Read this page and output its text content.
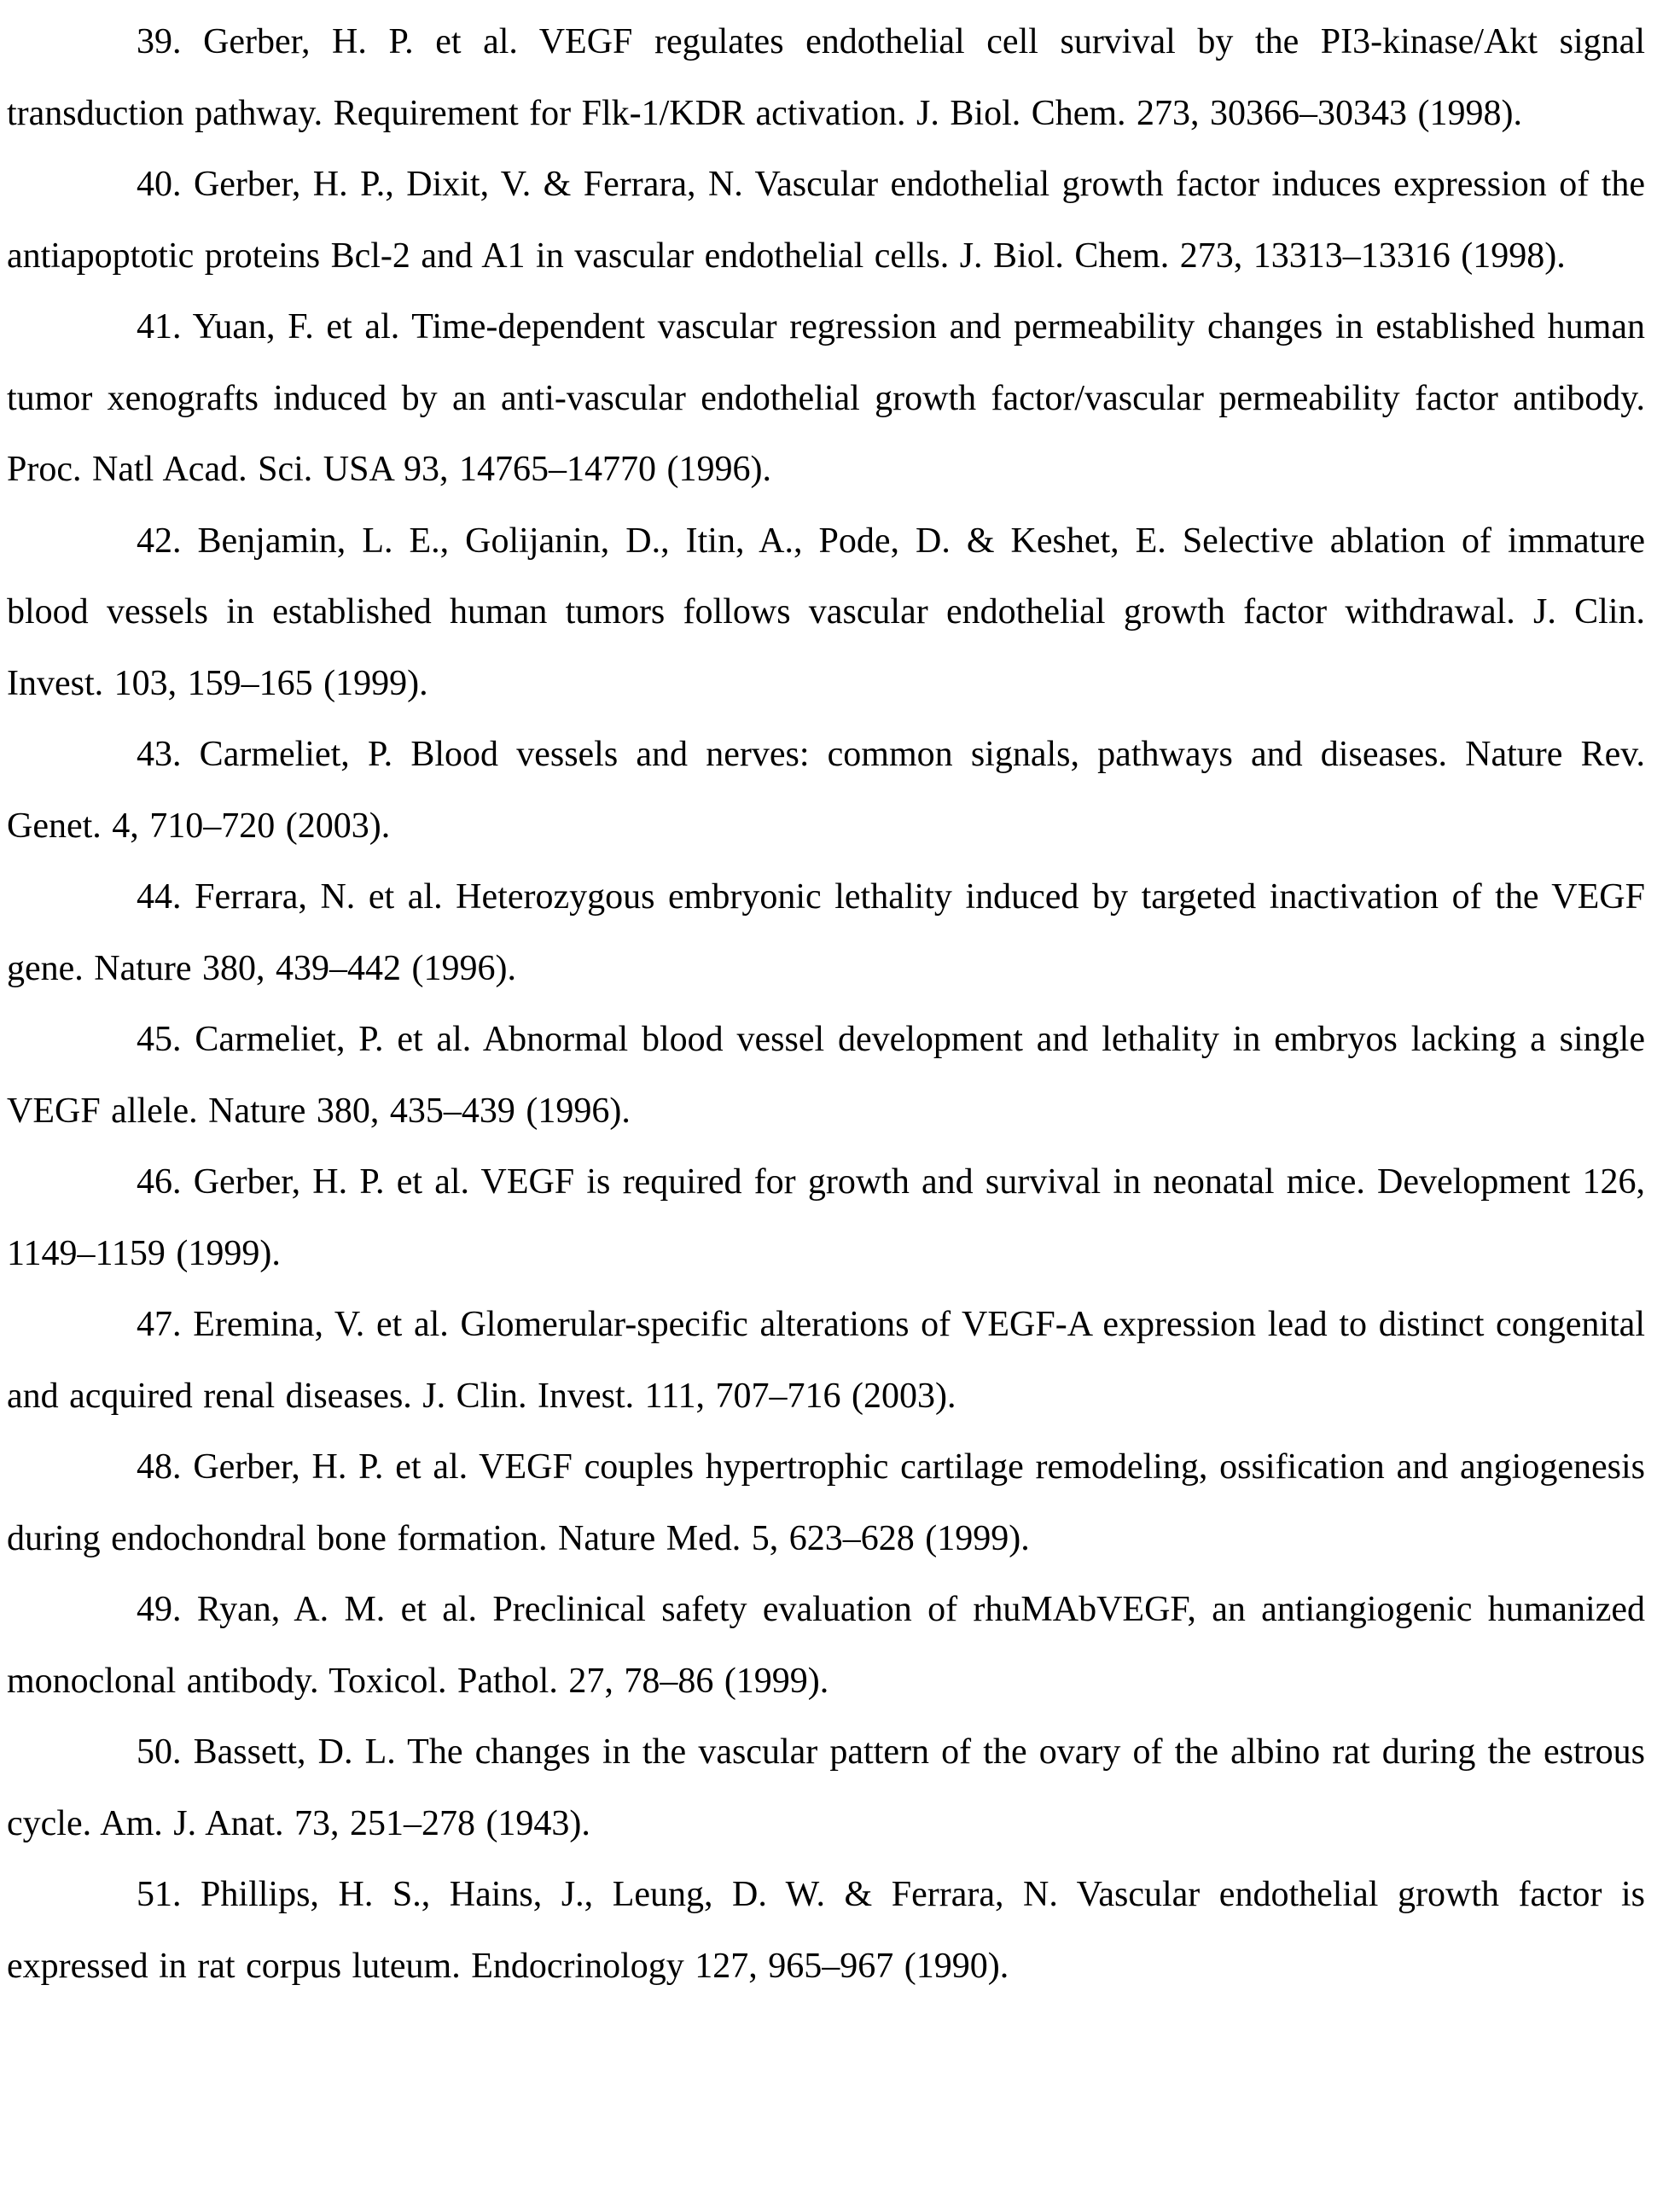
39. Gerber, H. P. et al. VEGF regulates endothelial cell survival by the PI3-kinase/Akt signal transduction pathway. Requirement for Flk-1/KDR activation. J. Biol. Chem. 273, 30366–30343 (1998).

40. Gerber, H. P., Dixit, V. & Ferrara, N. Vascular endothelial growth factor induces expression of the antiapoptotic proteins Bcl-2 and A1 in vascular endothelial cells. J. Biol. Chem. 273, 13313–13316 (1998).

41. Yuan, F. et al. Time-dependent vascular regression and permeability changes in established human tumor xenografts induced by an anti-vascular endothelial growth factor/vascular permeability factor antibody. Proc. Natl Acad. Sci. USA 93, 14765–14770 (1996).

42. Benjamin, L. E., Golijanin, D., Itin, A., Pode, D. & Keshet, E. Selective ablation of immature blood vessels in established human tumors follows vascular endothelial growth factor withdrawal. J. Clin. Invest. 103, 159–165 (1999).

43. Carmeliet, P. Blood vessels and nerves: common signals, pathways and diseases. Nature Rev. Genet. 4, 710–720 (2003).

44. Ferrara, N. et al. Heterozygous embryonic lethality induced by targeted inactivation of the VEGF gene. Nature 380, 439–442 (1996).

45. Carmeliet, P. et al. Abnormal blood vessel development and lethality in embryos lacking a single VEGF allele. Nature 380, 435–439 (1996).

46. Gerber, H. P. et al. VEGF is required for growth and survival in neonatal mice. Development 126, 1149–1159 (1999).

47. Eremina, V. et al. Glomerular-specific alterations of VEGF-A expression lead to distinct congenital and acquired renal diseases. J. Clin. Invest. 111, 707–716 (2003).

48. Gerber, H. P. et al. VEGF couples hypertrophic cartilage remodeling, ossification and angiogenesis during endochondral bone formation. Nature Med. 5, 623–628 (1999).

49. Ryan, A. M. et al. Preclinical safety evaluation of rhuMAbVEGF, an antiangiogenic humanized monoclonal antibody. Toxicol. Pathol. 27, 78–86 (1999).

50. Bassett, D. L. The changes in the vascular pattern of the ovary of the albino rat during the estrous cycle. Am. J. Anat. 73, 251–278 (1943).

51. Phillips, H. S., Hains, J., Leung, D. W. & Ferrara, N. Vascular endothelial growth factor is expressed in rat corpus luteum. Endocrinology 127, 965–967 (1990).
